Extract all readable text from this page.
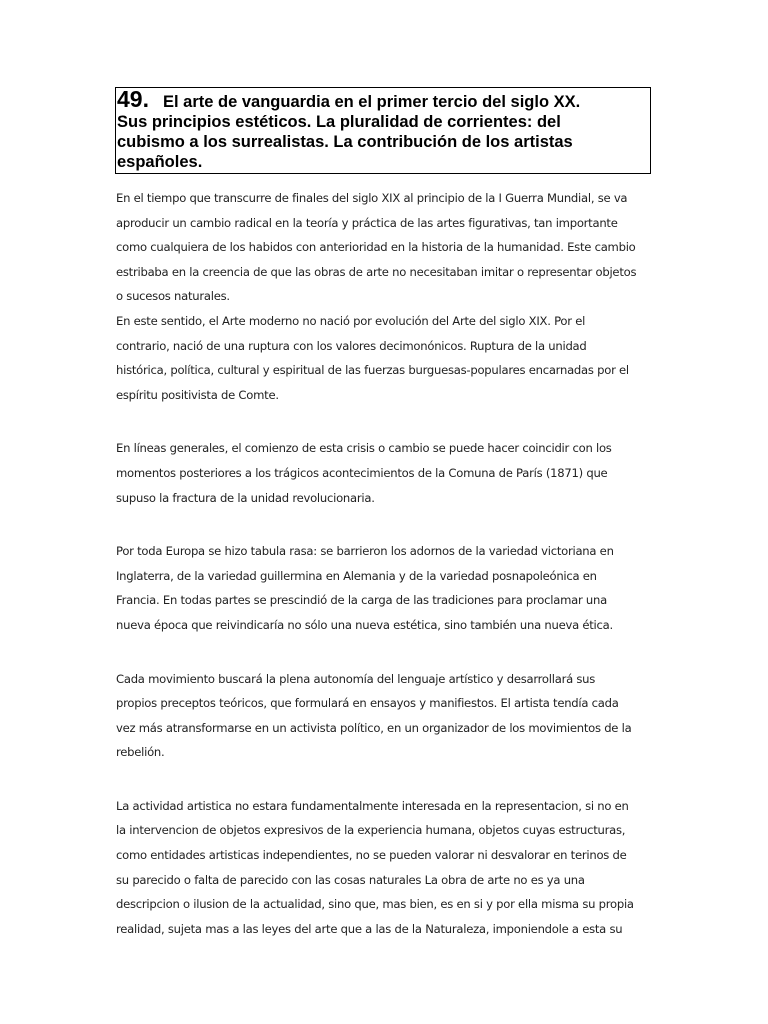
49. El arte de vanguardia en el primer tercio del siglo XX.
Sus principios estéticos. La pluralidad de corrientes: del
cubismo a los surrealistas. La contribución de los artistas
españoles.
En el tiempo que transcurre de finales del siglo XIX al principio de la I Guerra Mundial, se va
aproducir un cambio radical en la teoría y práctica de las artes figurativas, tan importante
como cualquiera de los habidos con anterioridad en la historia de la humanidad. Este cambio
estribaba en la creencia de que las obras de arte no necesitaban imitar o representar objetos
o sucesos naturales.
En este sentido, el Arte moderno no nació por evolución del Arte del siglo XIX. Por el
contrario, nació de una ruptura con los valores decimonónicos. Ruptura de la unidad
histórica, política, cultural y espiritual de las fuerzas burguesas-populares encarnadas por el
espíritu positivista de Comte.
En líneas generales, el comienzo de esta crisis o cambio se puede hacer coincidir con los
momentos posteriores a los trágicos acontecimientos de la Comuna de París (1871) que
supuso la fractura de la unidad revolucionaria.
Por toda Europa se hizo tabula rasa: se barrieron los adornos de la variedad victoriana en
Inglaterra, de la variedad guillermina en Alemania y de la variedad posnapoleónica en
Francia. En todas partes se prescindió de la carga de las tradiciones para proclamar una
nueva época que reivindicaría no sólo una nueva estética, sino también una nueva ética.
Cada movimiento buscará la plena autonomía del lenguaje artístico y desarrollará sus
propios preceptos teóricos, que formulará en ensayos y manifiestos. El artista tendía cada
vez más atransformarse en un activista político, en un organizador de los movimientos de la
rebelión.
La actividad artistica no estara fundamentalmente interesada en la representacion, si no en
la intervencion de objetos expresivos de la experiencia humana, objetos cuyas estructuras,
como entidades artisticas independientes, no se pueden valorar ni desvalorar en terinos de
su parecido o falta de parecido con las cosas naturales La obra de arte no es ya una
descripcion o ilusion de la actualidad, sino que, mas bien, es en si y por ella misma su propia
realidad, sujeta mas a las leyes del arte que a las de la Naturaleza, imponiendole a esta su
